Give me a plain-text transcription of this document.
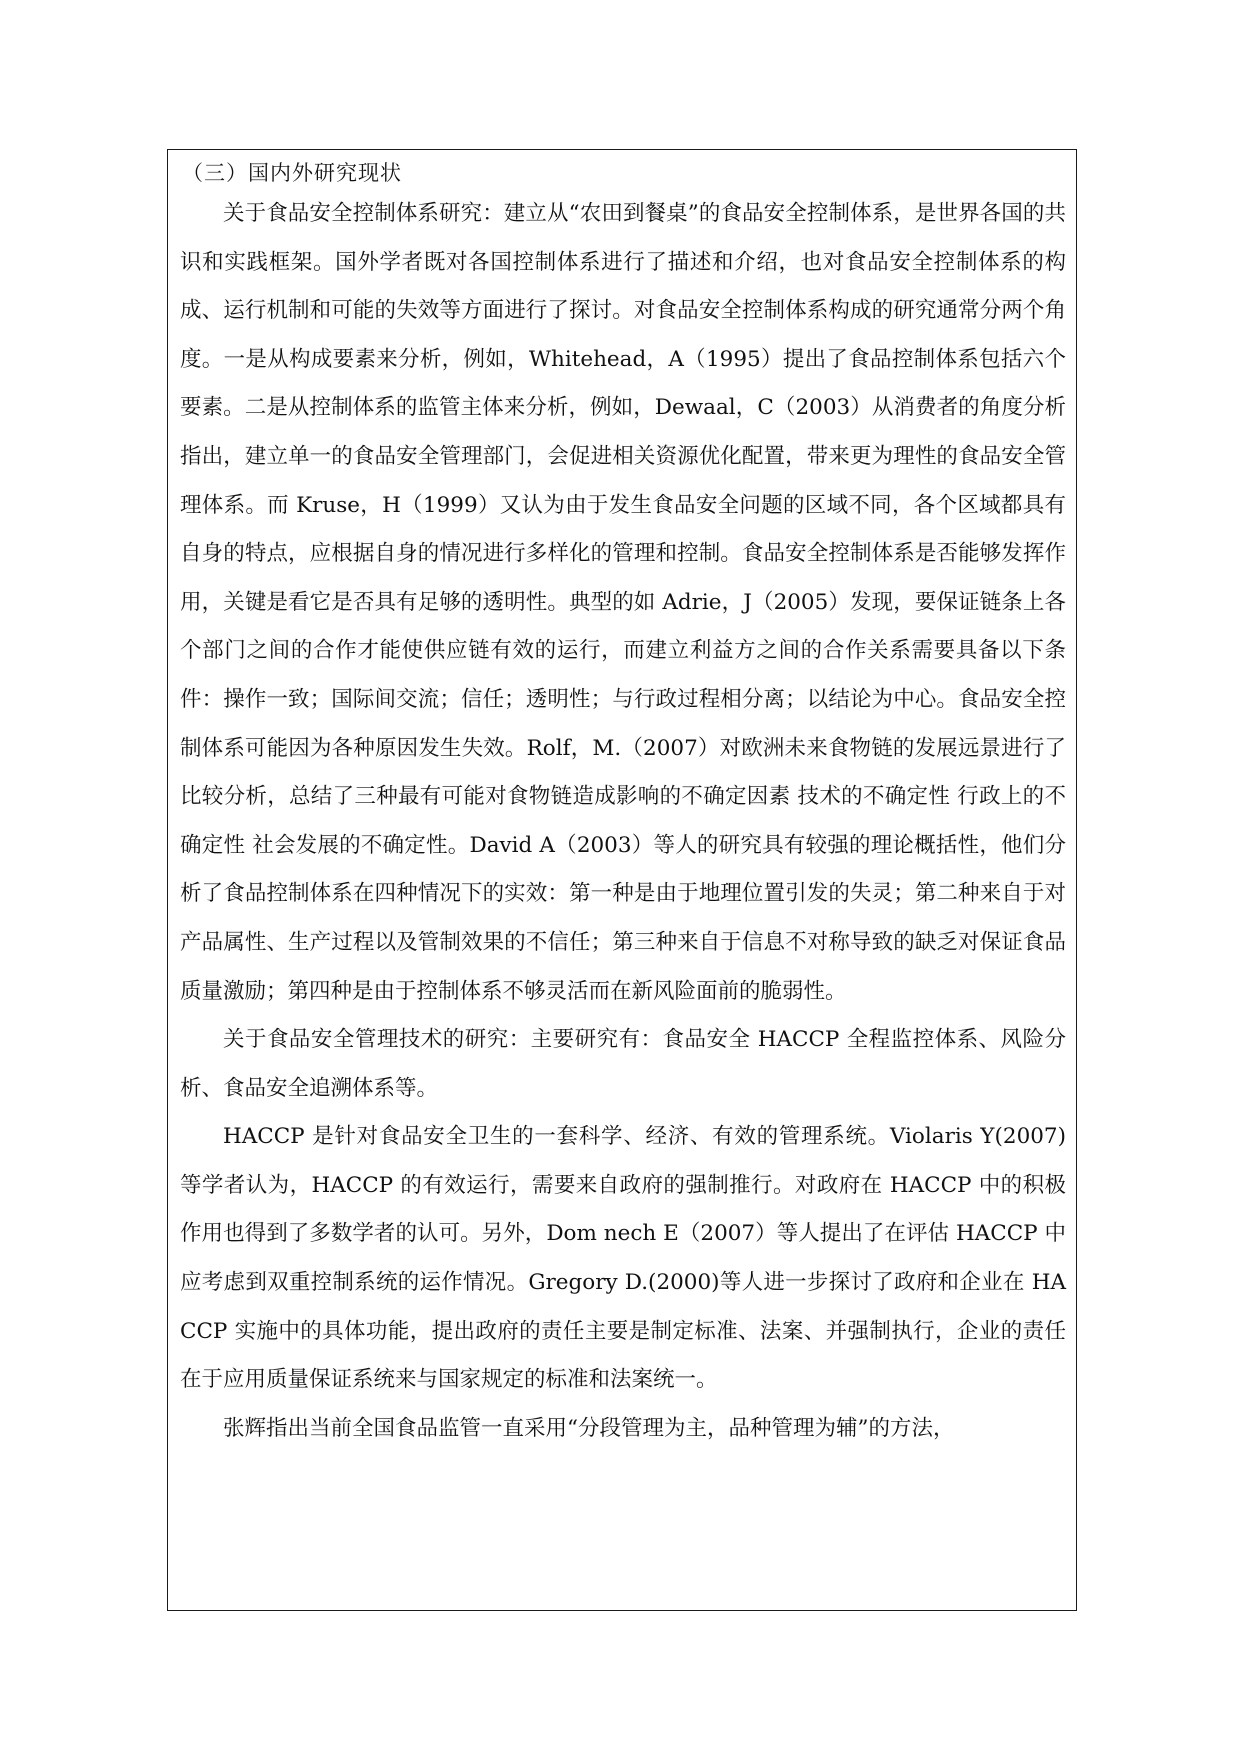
（三）国内外研究现状

关于食品安全控制体系研究：建立从“农田到餐桌”的食品安全控制体系，是世界各国的共识和实践框架。国外学者既对各国控制体系进行了描述和介绍，也对食品安全控制体系的构成、运行机制和可能的失效等方面进行了探讨。对食品安全控制体系构成的研究通常分两个角度。一是从构成要素来分析，例如，Whitehead，A（1995）提出了食品控制体系包括六个要素。二是从控制体系的监管主体来分析，例如，Dewaal，C（2003）从消费者的角度分析指出，建立单一的食品安全管理部门，会促进相关资源优化配置，带来更为理性的食品安全管理体系。而 Kruse，H（1999）又认为由于发生食品安全问题的区域不同，各个区域都具有自身的特点，应根据自身的情况进行多样化的管理和控制。食品安全控制体系是否能够发挥作用，关键是看它是否具有足够的透明性。典型的如 Adrie，J（2005）发现，要保证链条上各个部门之间的合作才能使供应链有效的运行，而建立利益方之间的合作关系需要具备以下条件：操作一致；国际间交流；信任；透明性；与行政过程相分离；以结论为中心。食品安全控制体系可能因为各种原因发生失效。Rolf，M.（2007）对欧洲未来食物链的发展远景进行了比较分析，总结了三种最有可能对食物链造成影响的不确定因素 技术的不确定性 行政上的不确定性 社会发展的不确定性。David A（2003）等人的研究具有较强的理论概括性，他们分析了食品控制体系在四种情况下的实效：第一种是由于地理位置引发的失灵；第二种来自于对产品属性、生产过程以及管制效果的不信任；第三种来自于信息不对称导致的缺乏对保证食品质量激励；第四种是由于控制体系不够灵活而在新风险面前的脆弱性。

关于食品安全管理技术的研究：主要研究有：食品安全 HACCP 全程监控体系、风险分析、食品安全追溯体系等。

HACCP 是针对食品安全卫生的一套科学、经济、有效的管理系统。Violaris Y(2007)等学者认为，HACCP 的有效运行，需要来自政府的强制推行。对政府在 HACCP 中的积极作用也得到了多数学者的认可。另外，Dom nech E（2007）等人提出了在评估 HACCP 中应考虑到双重控制系统的运作情况。Gregory D.(2000)等人进一步探讨了政府和企业在 HACCP 实施中的具体功能，提出政府的责任主要是制定标准、法案、并强制执行，企业的责任在于应用质量保证系统来与国家规定的标准和法案统一。

张辉指出当前全国食品监管一直采用“分段管理为主，品种管理为辅”的方法，
